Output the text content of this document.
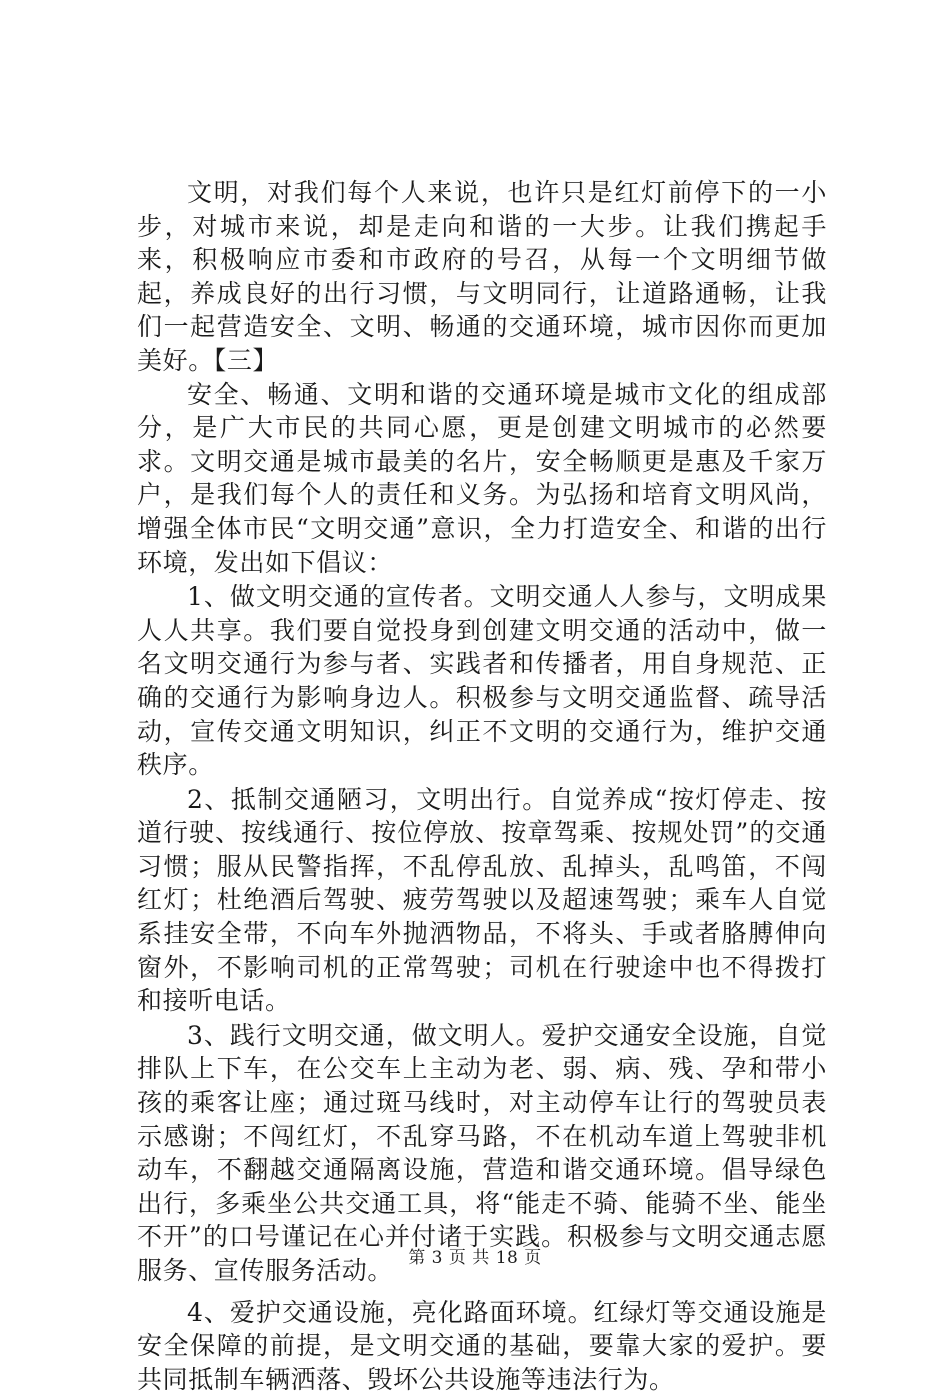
文明，对我们每个人来说，也许只是红灯前停下的一小步，对城市来说，却是走向和谐的一大步。让我们携起手来，积极响应市委和市政府的号召，从每一个文明细节做起，养成良好的出行习惯，与文明同行，让道路通畅，让我们一起营造安全、文明、畅通的交通环境，城市因你而更加美好。【三】

安全、畅通、文明和谐的交通环境是城市文化的组成部分，是广大市民的共同心愿，更是创建文明城市的必然要求。文明交通是城市最美的名片，安全畅顺更是惠及千家万户，是我们每个人的责任和义务。为弘扬和培育文明风尚，增强全体市民“文明交通”意识，全力打造安全、和谐的出行环境，发出如下倡议：

1、做文明交通的宣传者。文明交通人人参与，文明成果人人共享。我们要自觉投身到创建文明交通的活动中，做一名文明交通行为参与者、实践者和传播者，用自身规范、正确的交通行为影响身边人。积极参与文明交通监督、疏导活动，宣传交通文明知识，纠正不文明的交通行为，维护交通秩序。

2、抵制交通陋习，文明出行。自觉养成“按灯停走、按道行驶、按线通行、按位停放、按章驾乘、按规处罚”的交通习惯；服从民警指挥，不乱停乱放、乱掉头，乱鸣笛，不闯红灯；杜绝酒后驾驶、疲劳驾驶以及超速驾驶；乘车人自觉系挂安全带，不向车外抛洒物品，不将头、手或者胳膊伸向窗外，不影响司机的正常驾驶；司机在行驶途中也不得拨打和接听电话。

3、践行文明交通，做文明人。爱护交通安全设施，自觉排队上下车，在公交车上主动为老、弱、病、残、孕和带小孩的乘客让座；通过斑马线时，对主动停车让行的驾驶员表示感谢；不闯红灯，不乱穿马路，不在机动车道上驾驶非机动车，不翻越交通隔离设施，营造和谐交通环境。倡导绿色出行，多乘坐公共交通工具，将“能走不骑、能骑不坐、能坐不开”的口号谨记在心并付诸于实践。积极参与文明交通志愿服务、宣传服务活动。

4、爱护交通设施，亮化路面环境。红绿灯等交通设施是安全保障的前提，是文明交通的基础，要靠大家的爱护。要共同抵制车辆洒落、毁坏公共设施等违法行为。

第 3 页 共 18 页
